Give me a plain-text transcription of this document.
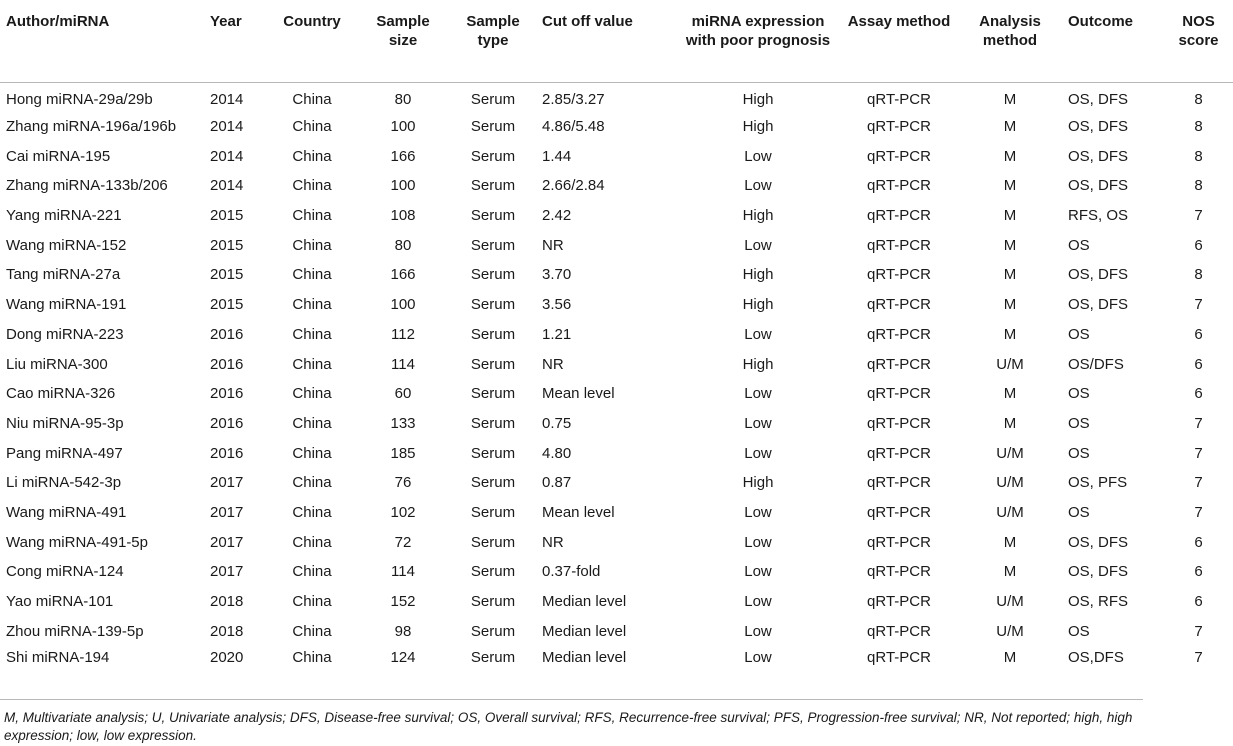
Author/miRNA	Year	Country	Sample size	Sample type	Cut off value	miRNA expression with poor prognosis	Assay method	Analysis method	Outcome	NOS score
Hong miRNA-29a/29b	2014	China	80	Serum	2.85/3.27	High	qRT-PCR	M	OS, DFS	8
Zhang miRNA-196a/196b	2014	China	100	Serum	4.86/5.48	High	qRT-PCR	M	OS, DFS	8
Cai miRNA-195	2014	China	166	Serum	1.44	Low	qRT-PCR	M	OS, DFS	8
Zhang miRNA-133b/206	2014	China	100	Serum	2.66/2.84	Low	qRT-PCR	M	OS, DFS	8
Yang miRNA-221	2015	China	108	Serum	2.42	High	qRT-PCR	M	RFS, OS	7
Wang miRNA-152	2015	China	80	Serum	NR	Low	qRT-PCR	M	OS	6
Tang miRNA-27a	2015	China	166	Serum	3.70	High	qRT-PCR	M	OS, DFS	8
Wang miRNA-191	2015	China	100	Serum	3.56	High	qRT-PCR	M	OS, DFS	7
Dong miRNA-223	2016	China	112	Serum	1.21	Low	qRT-PCR	M	OS	6
Liu miRNA-300	2016	China	114	Serum	NR	High	qRT-PCR	U/M	OS/DFS	6
Cao miRNA-326	2016	China	60	Serum	Mean level	Low	qRT-PCR	M	OS	6
Niu miRNA-95-3p	2016	China	133	Serum	0.75	Low	qRT-PCR	M	OS	7
Pang miRNA-497	2016	China	185	Serum	4.80	Low	qRT-PCR	U/M	OS	7
Li miRNA-542-3p	2017	China	76	Serum	0.87	High	qRT-PCR	U/M	OS, PFS	7
Wang miRNA-491	2017	China	102	Serum	Mean level	Low	qRT-PCR	U/M	OS	7
Wang miRNA-491-5p	2017	China	72	Serum	NR	Low	qRT-PCR	M	OS, DFS	6
Cong miRNA-124	2017	China	114	Serum	0.37-fold	Low	qRT-PCR	M	OS, DFS	6
Yao miRNA-101	2018	China	152	Serum	Median level	Low	qRT-PCR	U/M	OS, RFS	6
Zhou miRNA-139-5p	2018	China	98	Serum	Median level	Low	qRT-PCR	U/M	OS	7
Shi miRNA-194	2020	China	124	Serum	Median level	Low	qRT-PCR	M	OS,DFS	7
M, Multivariate analysis; U, Univariate analysis; DFS, Disease-free survival; OS, Overall survival; RFS, Recurrence-free survival; PFS, Progression-free survival; NR, Not reported; high, high expression; low, low expression.
